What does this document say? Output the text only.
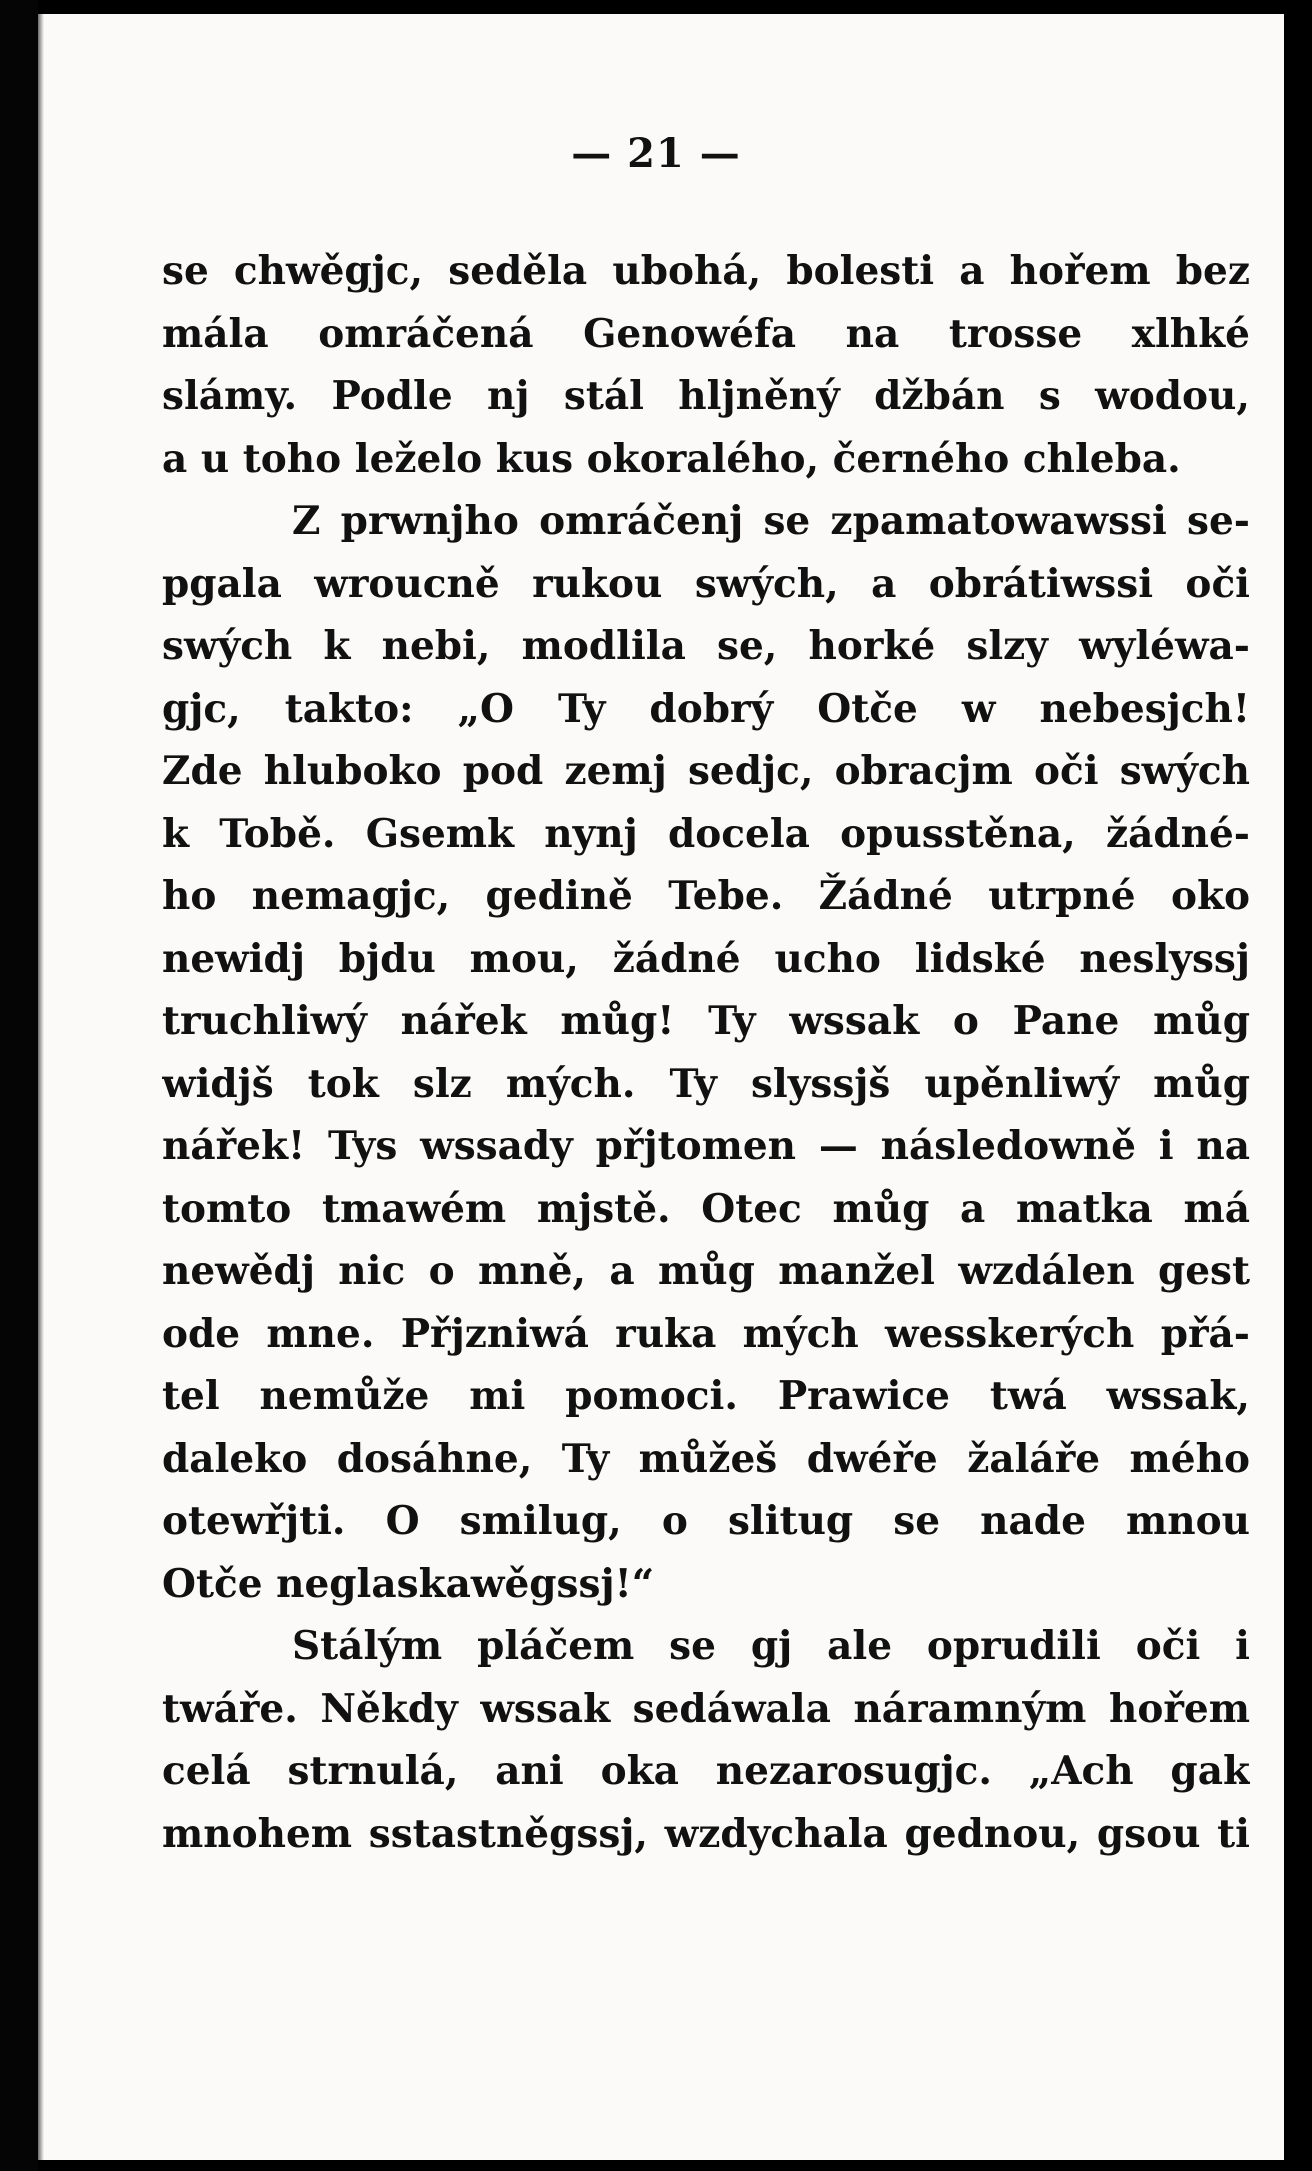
— 21 —
se chwěgjc, seděla ubohá, bolesti a hořem bez
mála omráčená Genowéfa na trosse xlhké
slámy. Podle nj stál hljněný džbán s wodou,
a u toho leželo kus okoralého, černého chleba.
Z prwnjho omráčenj se zpamatowawssi se-
pgala wroucně rukou swých, a obrátiwssi oči
swých k nebi, modlila se, horké slzy wyléwa-
gjc, takto: „O Ty dobrý Otče w nebesjch!
Zde hluboko pod zemj sedjc, obracjm oči swých
k Tobě. Gsemk nynj docela opusstěna, žádné-
ho nemagjc, gedině Tebe. Žádné utrpné oko
newidj bjdu mou, žádné ucho lidské neslyssj
truchliwý nářek můg! Ty wssak o Pane můg
widjš tok slz mých. Ty slyssjš upěnliwý můg
nářek! Tys wssady přjtomen — následowně i na
tomto tmawém mjstě. Otec můg a matka má
newědj nic o mně, a můg manžel wzdálen gest
ode mne. Přjzniwá ruka mých wesskerých přá-
tel nemůže mi pomoci. Prawice twá wssak,
daleko dosáhne, Ty můžeš dwéře žaláře mého
otewřjti. O smilug, o slitug se nade mnou
Otče neglaskawěgssj!“
Stálým pláčem se gj ale oprudili oči i
twáře. Někdy wssak sedáwala náramným hořem
celá strnulá, ani oka nezarosugjc. „Ach gak
mnohem sstastněgssj, wzdychala gednou, gsou ti
